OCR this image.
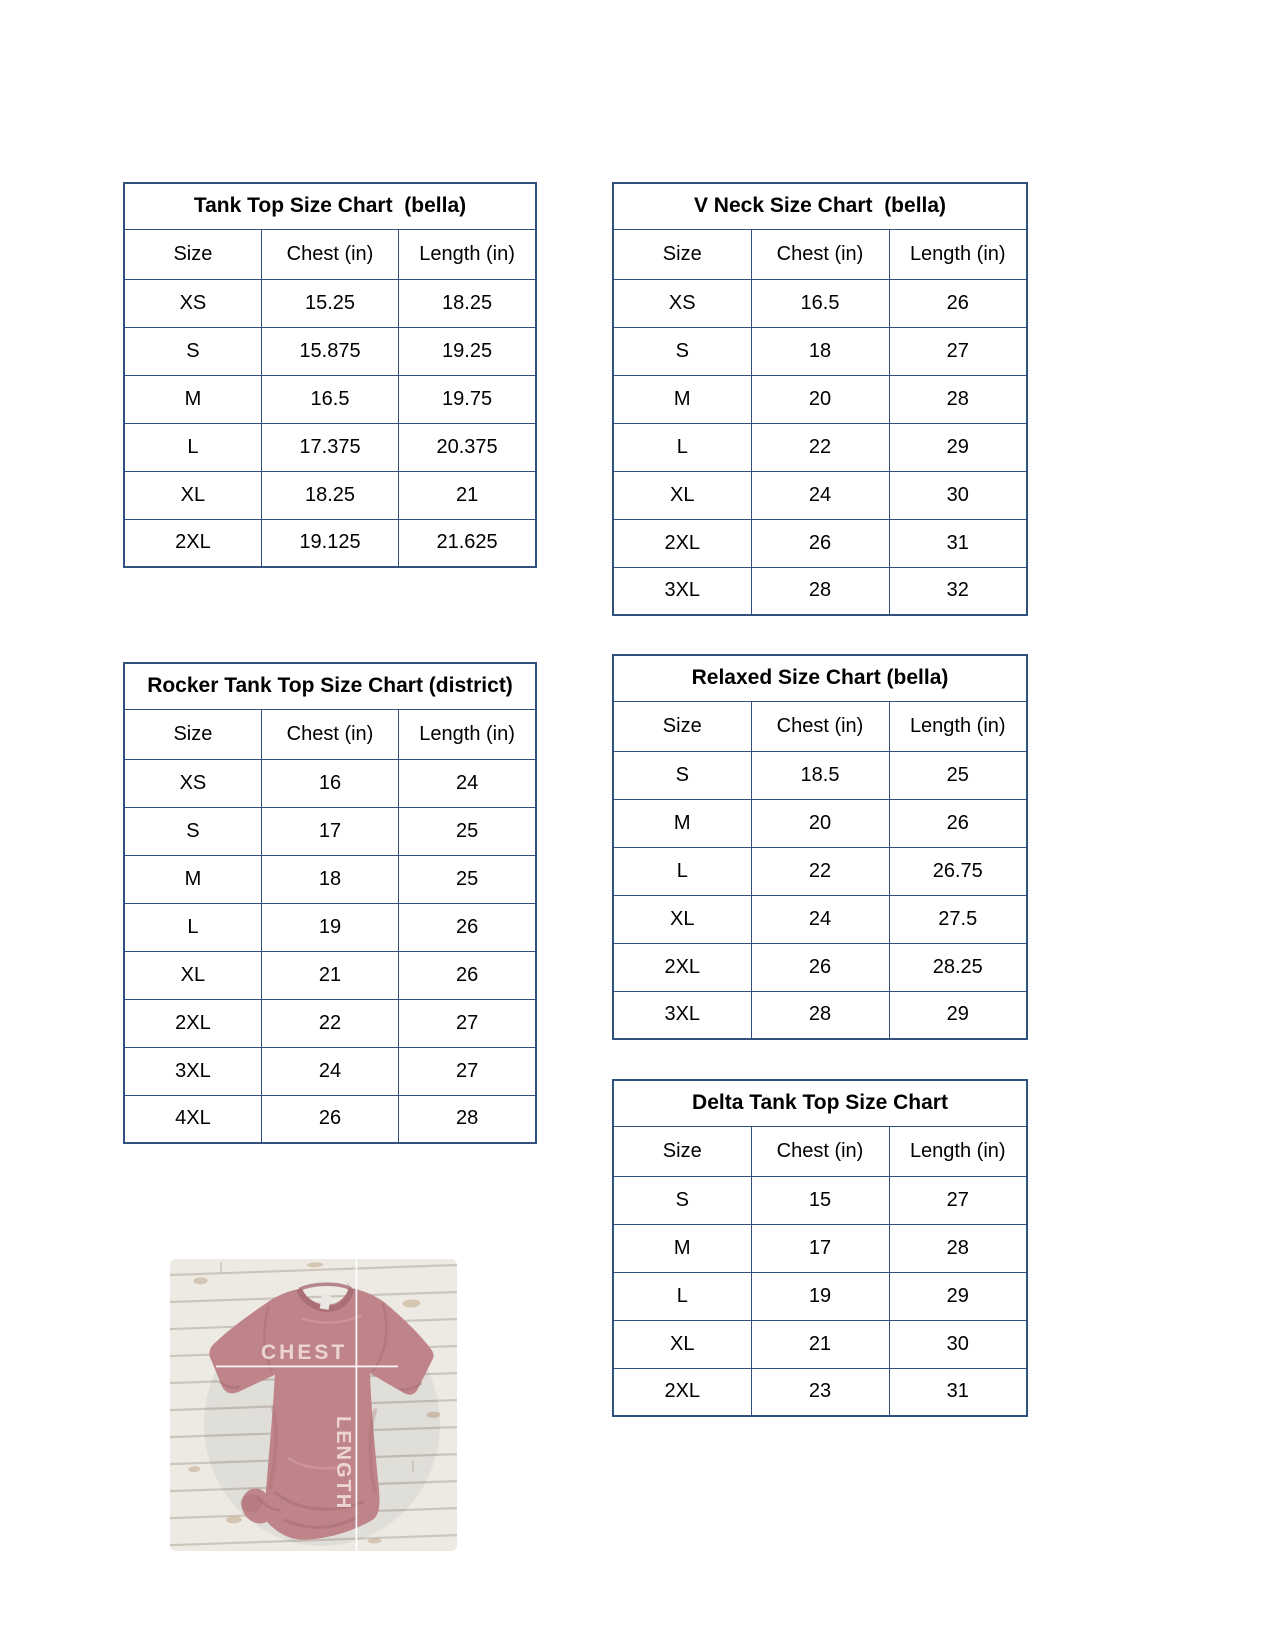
Tank Top Size Chart  (bella)		
Size	Chest (in)	Length (in)
XS	15.25	18.25
S	15.875	19.25
M	16.5	19.75
L	17.375	20.375
XL	18.25	21
2XL	19.125	21.625
Rocker Tank Top Size Chart (district)		
Size	Chest (in)	Length (in)
XS	16	24
S	17	25
M	18	25
L	19	26
XL	21	26
2XL	22	27
3XL	24	27
4XL	26	28
CHEST
LENGTH
V Neck Size Chart  (bella)		
Size	Chest (in)	Length (in)
XS	16.5	26
S	18	27
M	20	28
L	22	29
XL	24	30
2XL	26	31
3XL	28	32
Relaxed Size Chart (bella)		
Size	Chest (in)	Length (in)
S	18.5	25
M	20	26
L	22	26.75
XL	24	27.5
2XL	26	28.25
3XL	28	29
Delta Tank Top Size Chart		
Size	Chest (in)	Length (in)
S	15	27
M	17	28
L	19	29
XL	21	30
2XL	23	31
